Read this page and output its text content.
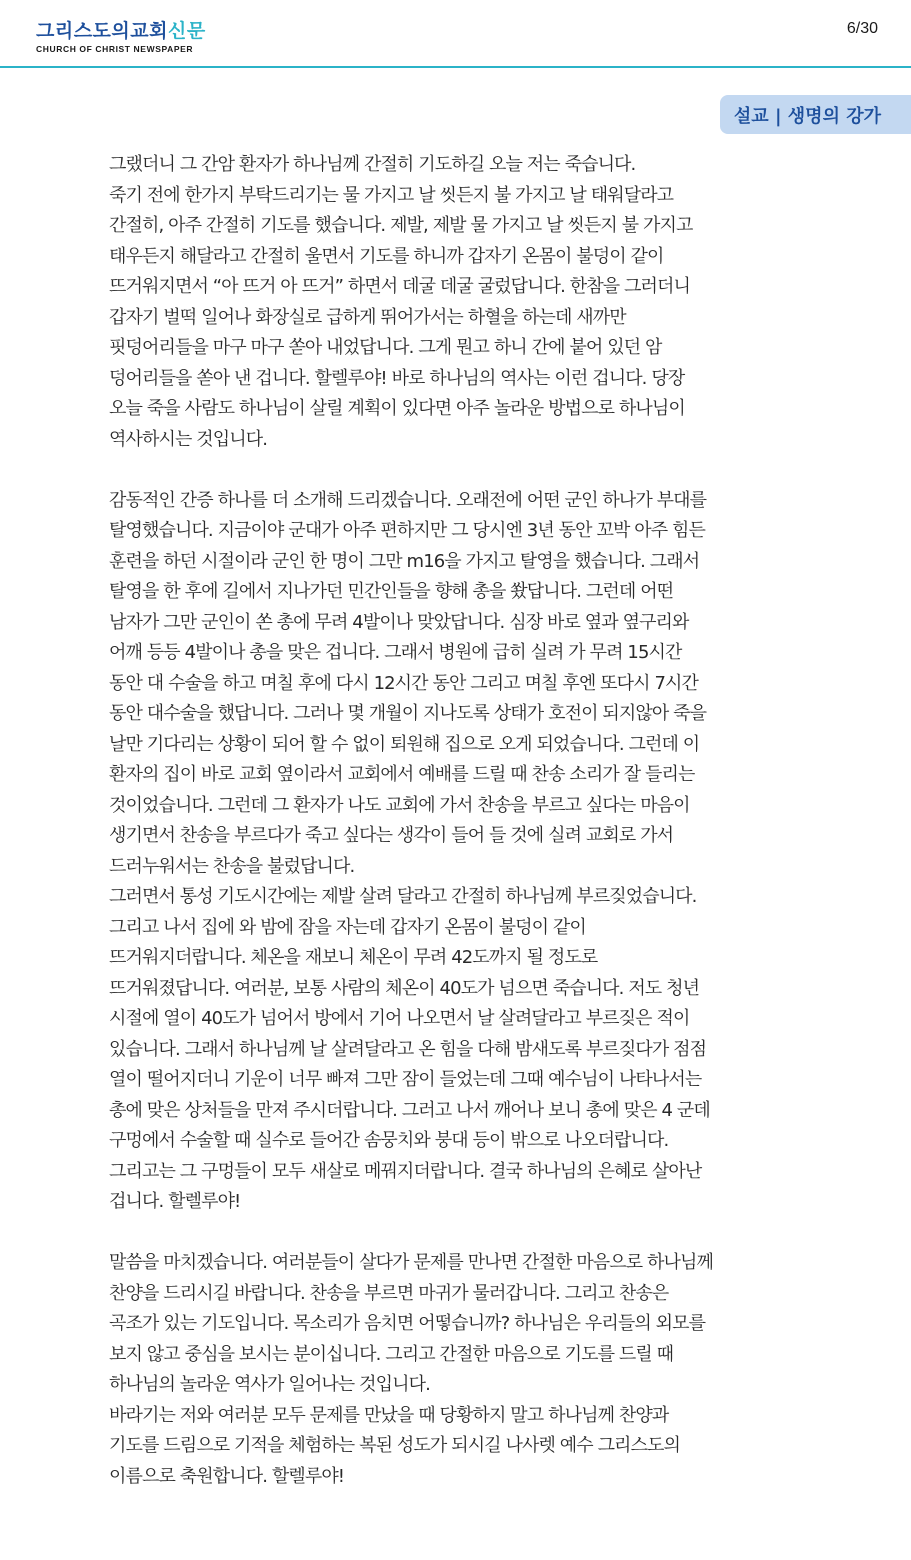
그리스도의교회신문
CHURCH OF CHRIST NEWSPAPER
6/30
설교 | 생명의 강가

그랬더니 그 간암 환자가 하나님께 간절히 기도하길 오늘 저는 죽습니다.
죽기 전에 한가지 부탁드리기는 물 가지고 날 씻든지 불 가지고 날 태워달라고
간절히, 아주 간절히 기도를 했습니다. 제발, 제발 물 가지고 날 씻든지 불 가지고
태우든지 해달라고 간절히 울면서 기도를 하니까 갑자기 온몸이 불덩이 같이
뜨거워지면서 “아 뜨거 아 뜨거” 하면서 데굴 데굴 굴렀답니다. 한참을 그러더니
갑자기 벌떡 일어나 화장실로 급하게 뛰어가서는 하혈을 하는데 새까만
핏덩어리들을 마구 마구 쏟아 내었답니다. 그게 뭔고 하니 간에 붙어 있던 암
덩어리들을 쏟아 낸 겁니다. 할렐루야! 바로 하나님의 역사는 이런 겁니다. 당장
오늘 죽을 사람도 하나님이 살릴 계획이 있다면 아주 놀라운 방법으로 하나님이
역사하시는 것입니다.

감동적인 간증 하나를 더 소개해 드리겠습니다. 오래전에 어떤 군인 하나가 부대를
탈영했습니다. 지금이야 군대가 아주 편하지만 그 당시엔 3년 동안 꼬박 아주 힘든
훈련을 하던 시절이라 군인 한 명이 그만 m16을 가지고 탈영을 했습니다. 그래서
탈영을 한 후에 길에서 지나가던 민간인들을 향해 총을 쐈답니다. 그런데 어떤
남자가 그만 군인이 쏜 총에 무려 4발이나 맞았답니다. 심장 바로 옆과 옆구리와
어깨 등등 4발이나 총을 맞은 겁니다. 그래서 병원에 급히 실려 가 무려 15시간
동안 대 수술을 하고 며칠 후에 다시 12시간 동안 그리고 며칠 후엔 또다시 7시간
동안 대수술을 했답니다. 그러나 몇 개월이 지나도록 상태가 호전이 되지않아 죽을
날만 기다리는 상황이 되어 할 수 없이 퇴원해 집으로 오게 되었습니다. 그런데 이
환자의 집이 바로 교회 옆이라서 교회에서 예배를 드릴 때 찬송 소리가 잘 들리는
것이었습니다. 그런데 그 환자가 나도 교회에 가서 찬송을 부르고 싶다는 마음이
생기면서 찬송을 부르다가 죽고 싶다는 생각이 들어 들 것에 실려 교회로 가서
드러누워서는 찬송을 불렀답니다.
그러면서 통성 기도시간에는 제발 살려 달라고 간절히 하나님께 부르짖었습니다.
그리고 나서 집에 와 밤에 잠을 자는데 갑자기 온몸이 불덩이 같이
뜨거워지더랍니다. 체온을 재보니 체온이 무려 42도까지 될 정도로
뜨거워졌답니다. 여러분, 보통 사람의 체온이 40도가 넘으면 죽습니다. 저도 청년
시절에 열이 40도가 넘어서 방에서 기어 나오면서 날 살려달라고 부르짖은 적이
있습니다. 그래서 하나님께 날 살려달라고 온 힘을 다해 밤새도록 부르짖다가 점점
열이 떨어지더니 기운이 너무 빠져 그만 잠이 들었는데 그때 예수님이 나타나서는
총에 맞은 상처들을 만져 주시더랍니다. 그러고 나서 깨어나 보니 총에 맞은 4 군데
구멍에서 수술할 때 실수로 들어간 솜뭉치와 붕대 등이 밖으로 나오더랍니다.
그리고는 그 구멍들이 모두 새살로 메꿔지더랍니다. 결국 하나님의 은혜로 살아난
겁니다. 할렐루야!

말씀을 마치겠습니다. 여러분들이 살다가 문제를 만나면 간절한 마음으로 하나님께
찬양을 드리시길 바랍니다. 찬송을 부르면 마귀가 물러갑니다. 그리고 찬송은
곡조가 있는 기도입니다. 목소리가 음치면 어떻습니까? 하나님은 우리들의 외모를
보지 않고 중심을 보시는 분이십니다. 그리고 간절한 마음으로 기도를 드릴 때
하나님의 놀라운 역사가 일어나는 것입니다.
바라기는 저와 여러분 모두 문제를 만났을 때 당황하지 말고 하나님께 찬양과
기도를 드림으로 기적을 체험하는 복된 성도가 되시길 나사렛 예수 그리스도의
이름으로 축원합니다. 할렐루야!
